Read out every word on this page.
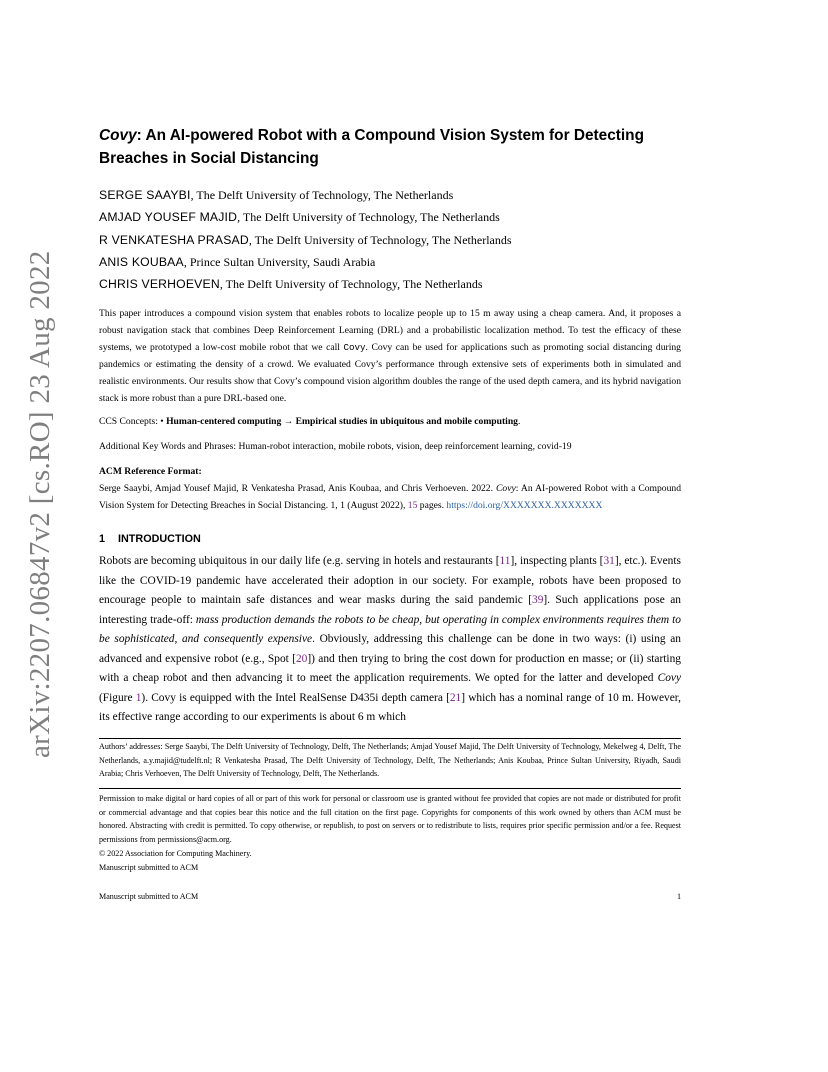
arXiv:2207.06847v2 [cs.RO] 23 Aug 2022
Covy: An AI-powered Robot with a Compound Vision System for Detecting Breaches in Social Distancing
SERGE SAAYBI, The Delft University of Technology, The Netherlands
AMJAD YOUSEF MAJID, The Delft University of Technology, The Netherlands
R VENKATESHA PRASAD, The Delft University of Technology, The Netherlands
ANIS KOUBAA, Prince Sultan University, Saudi Arabia
CHRIS VERHOEVEN, The Delft University of Technology, The Netherlands
This paper introduces a compound vision system that enables robots to localize people up to 15 m away using a cheap camera. And, it proposes a robust navigation stack that combines Deep Reinforcement Learning (DRL) and a probabilistic localization method. To test the efficacy of these systems, we prototyped a low-cost mobile robot that we call Covy. Covy can be used for applications such as promoting social distancing during pandemics or estimating the density of a crowd. We evaluated Covy’s performance through extensive sets of experiments both in simulated and realistic environments. Our results show that Covy’s compound vision algorithm doubles the range of the used depth camera, and its hybrid navigation stack is more robust than a pure DRL-based one.
CCS Concepts: • Human-centered computing → Empirical studies in ubiquitous and mobile computing.
Additional Key Words and Phrases: Human-robot interaction, mobile robots, vision, deep reinforcement learning, covid-19
ACM Reference Format:
Serge Saaybi, Amjad Yousef Majid, R Venkatesha Prasad, Anis Koubaa, and Chris Verhoeven. 2022. Covy: An AI-powered Robot with a Compound Vision System for Detecting Breaches in Social Distancing. 1, 1 (August 2022), 15 pages. https://doi.org/XXXXXXX.XXXXXXX
1 INTRODUCTION
Robots are becoming ubiquitous in our daily life (e.g. serving in hotels and restaurants [11], inspecting plants [31], etc.). Events like the COVID-19 pandemic have accelerated their adoption in our society. For example, robots have been proposed to encourage people to maintain safe distances and wear masks during the said pandemic [39]. Such applications pose an interesting trade-off: mass production demands the robots to be cheap, but operating in complex environments requires them to be sophisticated, and consequently expensive. Obviously, addressing this challenge can be done in two ways: (i) using an advanced and expensive robot (e.g., Spot [20]) and then trying to bring the cost down for production en masse; or (ii) starting with a cheap robot and then advancing it to meet the application requirements. We opted for the latter and developed Covy (Figure 1). Covy is equipped with the Intel RealSense D435i depth camera [21] which has a nominal range of 10 m. However, its effective range according to our experiments is about 6 m which
Authors’ addresses: Serge Saaybi, The Delft University of Technology, Delft, The Netherlands; Amjad Yousef Majid, The Delft University of Technology, Mekelweg 4, Delft, The Netherlands, a.y.majid@tudelft.nl; R Venkatesha Prasad, The Delft University of Technology, Delft, The Netherlands; Anis Koubaa, Prince Sultan University, Riyadh, Saudi Arabia; Chris Verhoeven, The Delft University of Technology, Delft, The Netherlands.
Permission to make digital or hard copies of all or part of this work for personal or classroom use is granted without fee provided that copies are not made or distributed for profit or commercial advantage and that copies bear this notice and the full citation on the first page. Copyrights for components of this work owned by others than ACM must be honored. Abstracting with credit is permitted. To copy otherwise, or republish, to post on servers or to redistribute to lists, requires prior specific permission and/or a fee. Request permissions from permissions@acm.org.
© 2022 Association for Computing Machinery.
Manuscript submitted to ACM
Manuscript submitted to ACM	1
